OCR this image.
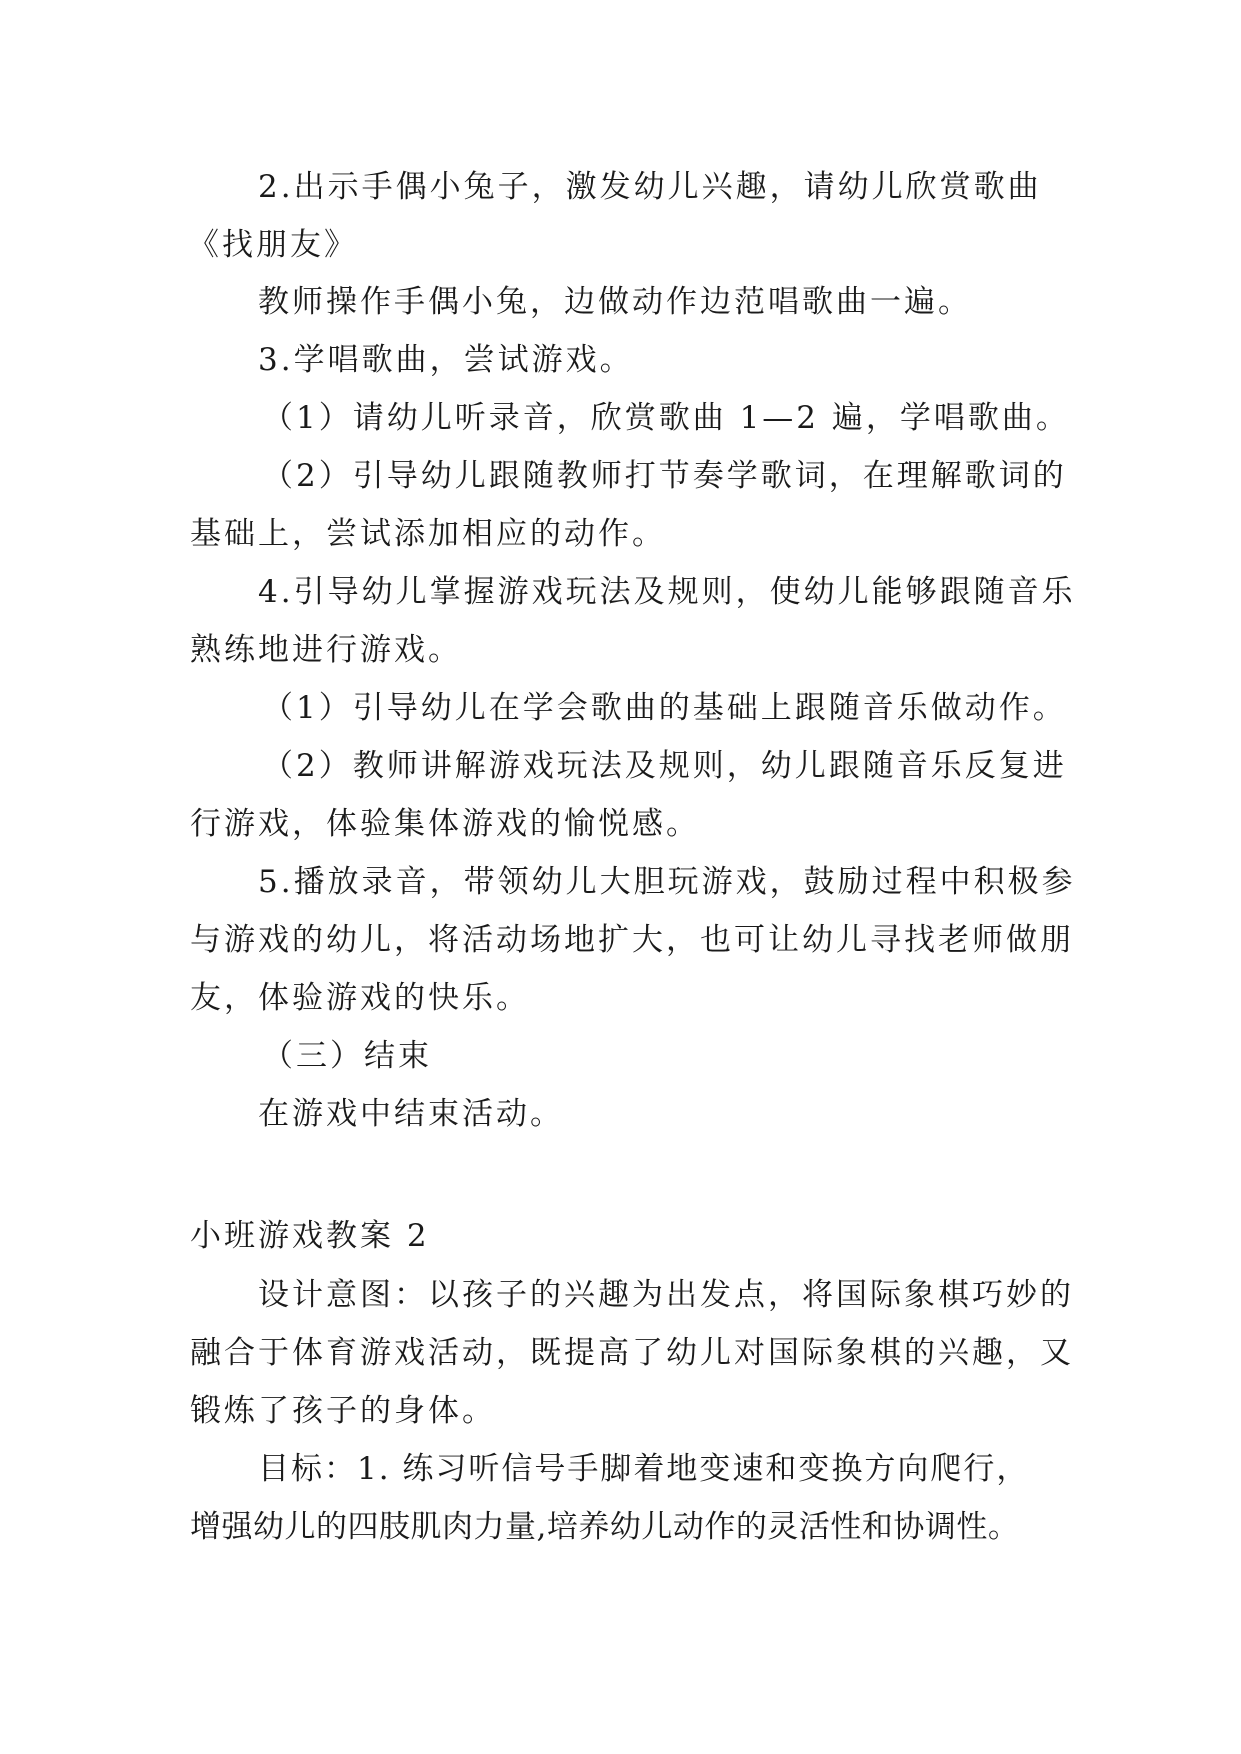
2.出示手偶小兔子，激发幼儿兴趣，请幼儿欣赏歌曲
《找朋友》

教师操作手偶小兔，边做动作边范唱歌曲一遍。

3.学唱歌曲，尝试游戏。

（1）请幼儿听录音，欣赏歌曲 1—2 遍，学唱歌曲。

（2）引导幼儿跟随教师打节奏学歌词，在理解歌词的
基础上，尝试添加相应的动作。

4.引导幼儿掌握游戏玩法及规则，使幼儿能够跟随音乐
熟练地进行游戏。

（1）引导幼儿在学会歌曲的基础上跟随音乐做动作。

（2）教师讲解游戏玩法及规则，幼儿跟随音乐反复进
行游戏，体验集体游戏的愉悦感。

5.播放录音，带领幼儿大胆玩游戏，鼓励过程中积极参
与游戏的幼儿，将活动场地扩大，也可让幼儿寻找老师做朋
友，体验游戏的快乐。

（三）结束

在游戏中结束活动。

小班游戏教案 2

设计意图：以孩子的兴趣为出发点，将国际象棋巧妙的
融合于体育游戏活动，既提高了幼儿对国际象棋的兴趣，又
锻炼了孩子的身体。

目标：1. 练习听信号手脚着地变速和变换方向爬行，
增强幼儿的四肢肌肉力量,培养幼儿动作的灵活性和协调性。
